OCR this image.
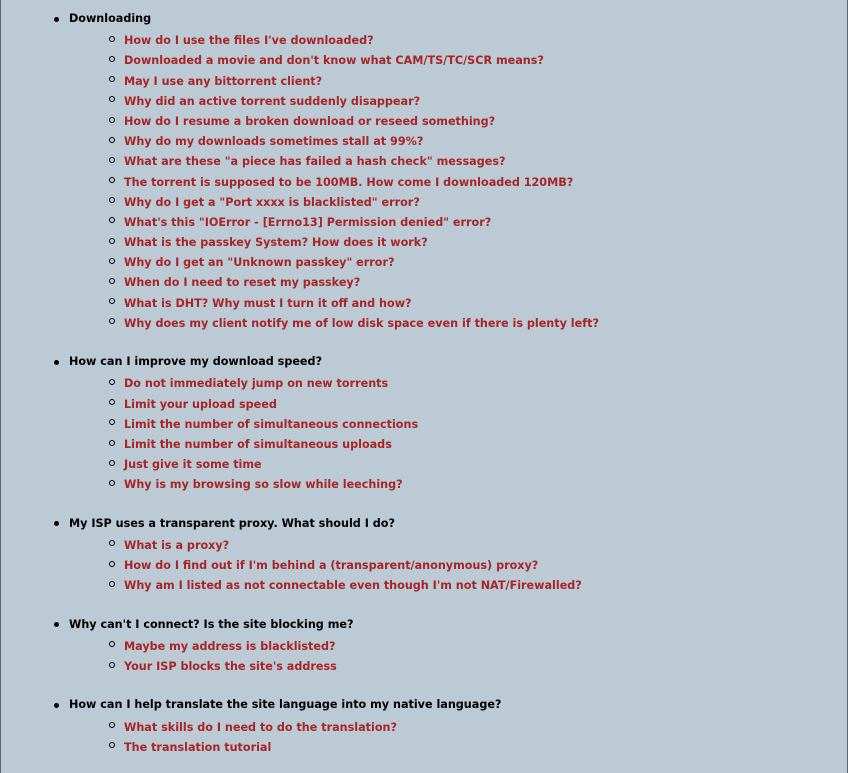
Downloading
How do I use the files I've downloaded?
Downloaded a movie and don't know what CAM/TS/TC/SCR means?
May I use any bittorrent client?
Why did an active torrent suddenly disappear?
How do I resume a broken download or reseed something?
Why do my downloads sometimes stall at 99%?
What are these "a piece has failed a hash check" messages?
The torrent is supposed to be 100MB. How come I downloaded 120MB?
Why do I get a "Port xxxx is blacklisted" error?
What's this "IOError - [Errno13] Permission denied" error?
What is the passkey System? How does it work?
Why do I get an "Unknown passkey" error?
When do I need to reset my passkey?
What is DHT? Why must I turn it off and how?
Why does my client notify me of low disk space even if there is plenty left?
How can I improve my download speed?
Do not immediately jump on new torrents
Limit your upload speed
Limit the number of simultaneous connections
Limit the number of simultaneous uploads
Just give it some time
Why is my browsing so slow while leeching?
My ISP uses a transparent proxy. What should I do?
What is a proxy?
How do I find out if I'm behind a (transparent/anonymous) proxy?
Why am I listed as not connectable even though I'm not NAT/Firewalled?
Why can't I connect? Is the site blocking me?
Maybe my address is blacklisted?
Your ISP blocks the site's address
How can I help translate the site language into my native language?
What skills do I need to do the translation?
The translation tutorial
